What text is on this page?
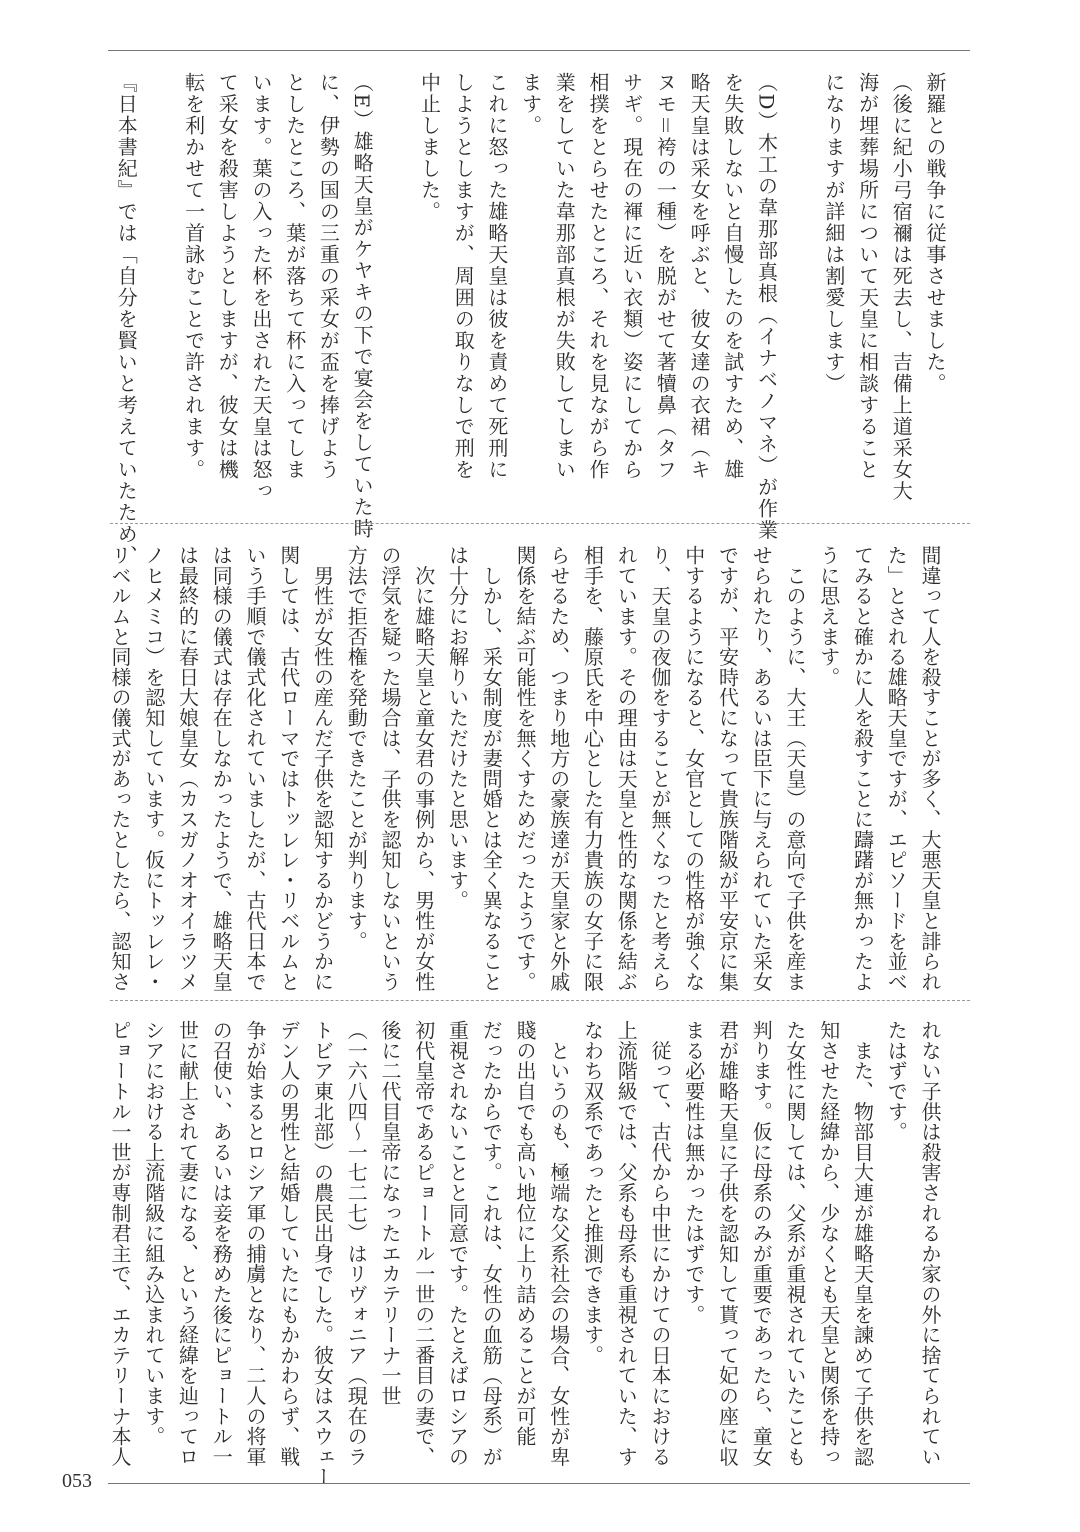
新羅との戦争に従事させました。
（後に紀小弓宿禰は死去し、吉備上道采女大
海が埋葬場所について天皇に相談すること
になりますが詳細は割愛します）
（D）木工の韋那部真根（イナベノマネ）が作業
を失敗しないと自慢したのを試すため、雄
略天皇は采女を呼ぶと、彼女達の衣裙（キ
ヌモ＝袴の一種）を脱がせて著犢鼻（タフ
サギ。現在の褌に近い衣類）姿にしてから
相撲をとらせたところ、それを見ながら作
業をしていた韋那部真根が失敗してしまい
ます。
これに怒った雄略天皇は彼を責めて死刑に
しようとしますが、周囲の取りなしで刑を
中止しました。
（E）雄略天皇がケヤキの下で宴会をしていた時
に、伊勢の国の三重の采女が盃を捧げよう
としたところ、葉が落ちて杯に入ってしま
います。葉の入った杯を出された天皇は怒っ
て采女を殺害しようとしますが、彼女は機
転を利かせて一首詠むことで許されます。
『日本書紀』では「自分を賢いと考えていたため、
間違って人を殺すことが多く、大悪天皇と誹られ
た」とされる雄略天皇ですが、エピソードを並べ
てみると確かに人を殺すことに躊躇が無かったよ
うに思えます。
　このように、大王（天皇）の意向で子供を産ま
せられたり、あるいは臣下に与えられていた采女
ですが、平安時代になって貴族階級が平安京に集
中するようになると、女官としての性格が強くな
り、天皇の夜伽をすることが無くなったと考えら
れています。その理由は天皇と性的な関係を結ぶ
相手を、藤原氏を中心とした有力貴族の女子に限
らせるため、つまり地方の豪族達が天皇家と外戚
関係を結ぶ可能性を無くすためだったようです。
　しかし、采女制度が妻問婚とは全く異なること
は十分にお解りいただけたと思います。
　次に雄略天皇と童女君の事例から、男性が女性
の浮気を疑った場合は、子供を認知しないという
方法で拒否権を発動できたことが判ります。
　男性が女性の産んだ子供を認知するかどうかに
関しては、古代ローマではトッレレ・リベルムと
いう手順で儀式化されていましたが、古代日本で
は同様の儀式は存在しなかったようで、雄略天皇
は最終的に春日大娘皇女（カスガノオオイラツメ
ノヒメミコ）を認知しています。仮にトッレレ・
リベルムと同様の儀式があったとしたら、認知さ
れない子供は殺害されるか家の外に捨てられてい
たはずです。
　また、物部目大連が雄略天皇を諫めて子供を認
知させた経緯から、少なくとも天皇と関係を持っ
た女性に関しては、父系が重視されていたことも
判ります。仮に母系のみが重要であったら、童女
君が雄略天皇に子供を認知して貰って妃の座に収
まる必要性は無かったはずです。
　従って、古代から中世にかけての日本における
上流階級では、父系も母系も重視されていた、す
なわち双系であったと推測できます。
　というのも、極端な父系社会の場合、女性が卑
賤の出自でも高い地位に上り詰めることが可能
だったからです。これは、女性の血筋（母系）が
重視されないことと同意です。たとえばロシアの
初代皇帝であるピョートル一世の二番目の妻で、
後に二代目皇帝になったエカテリーナ一世
（一六八四～一七二七）はリヴォニア（現在のラ
トビア東北部）の農民出身でした。彼女はスウェー
デン人の男性と結婚していたにもかかわらず、戦
争が始まるとロシア軍の捕虜となり、二人の将軍
の召使い、あるいは妾を務めた後にピョートル一
世に献上されて妻になる、という経緯を辿ってロ
シアにおける上流階級に組み込まれています。
ピョートル一世が専制君主で、エカテリーナ本人
053
